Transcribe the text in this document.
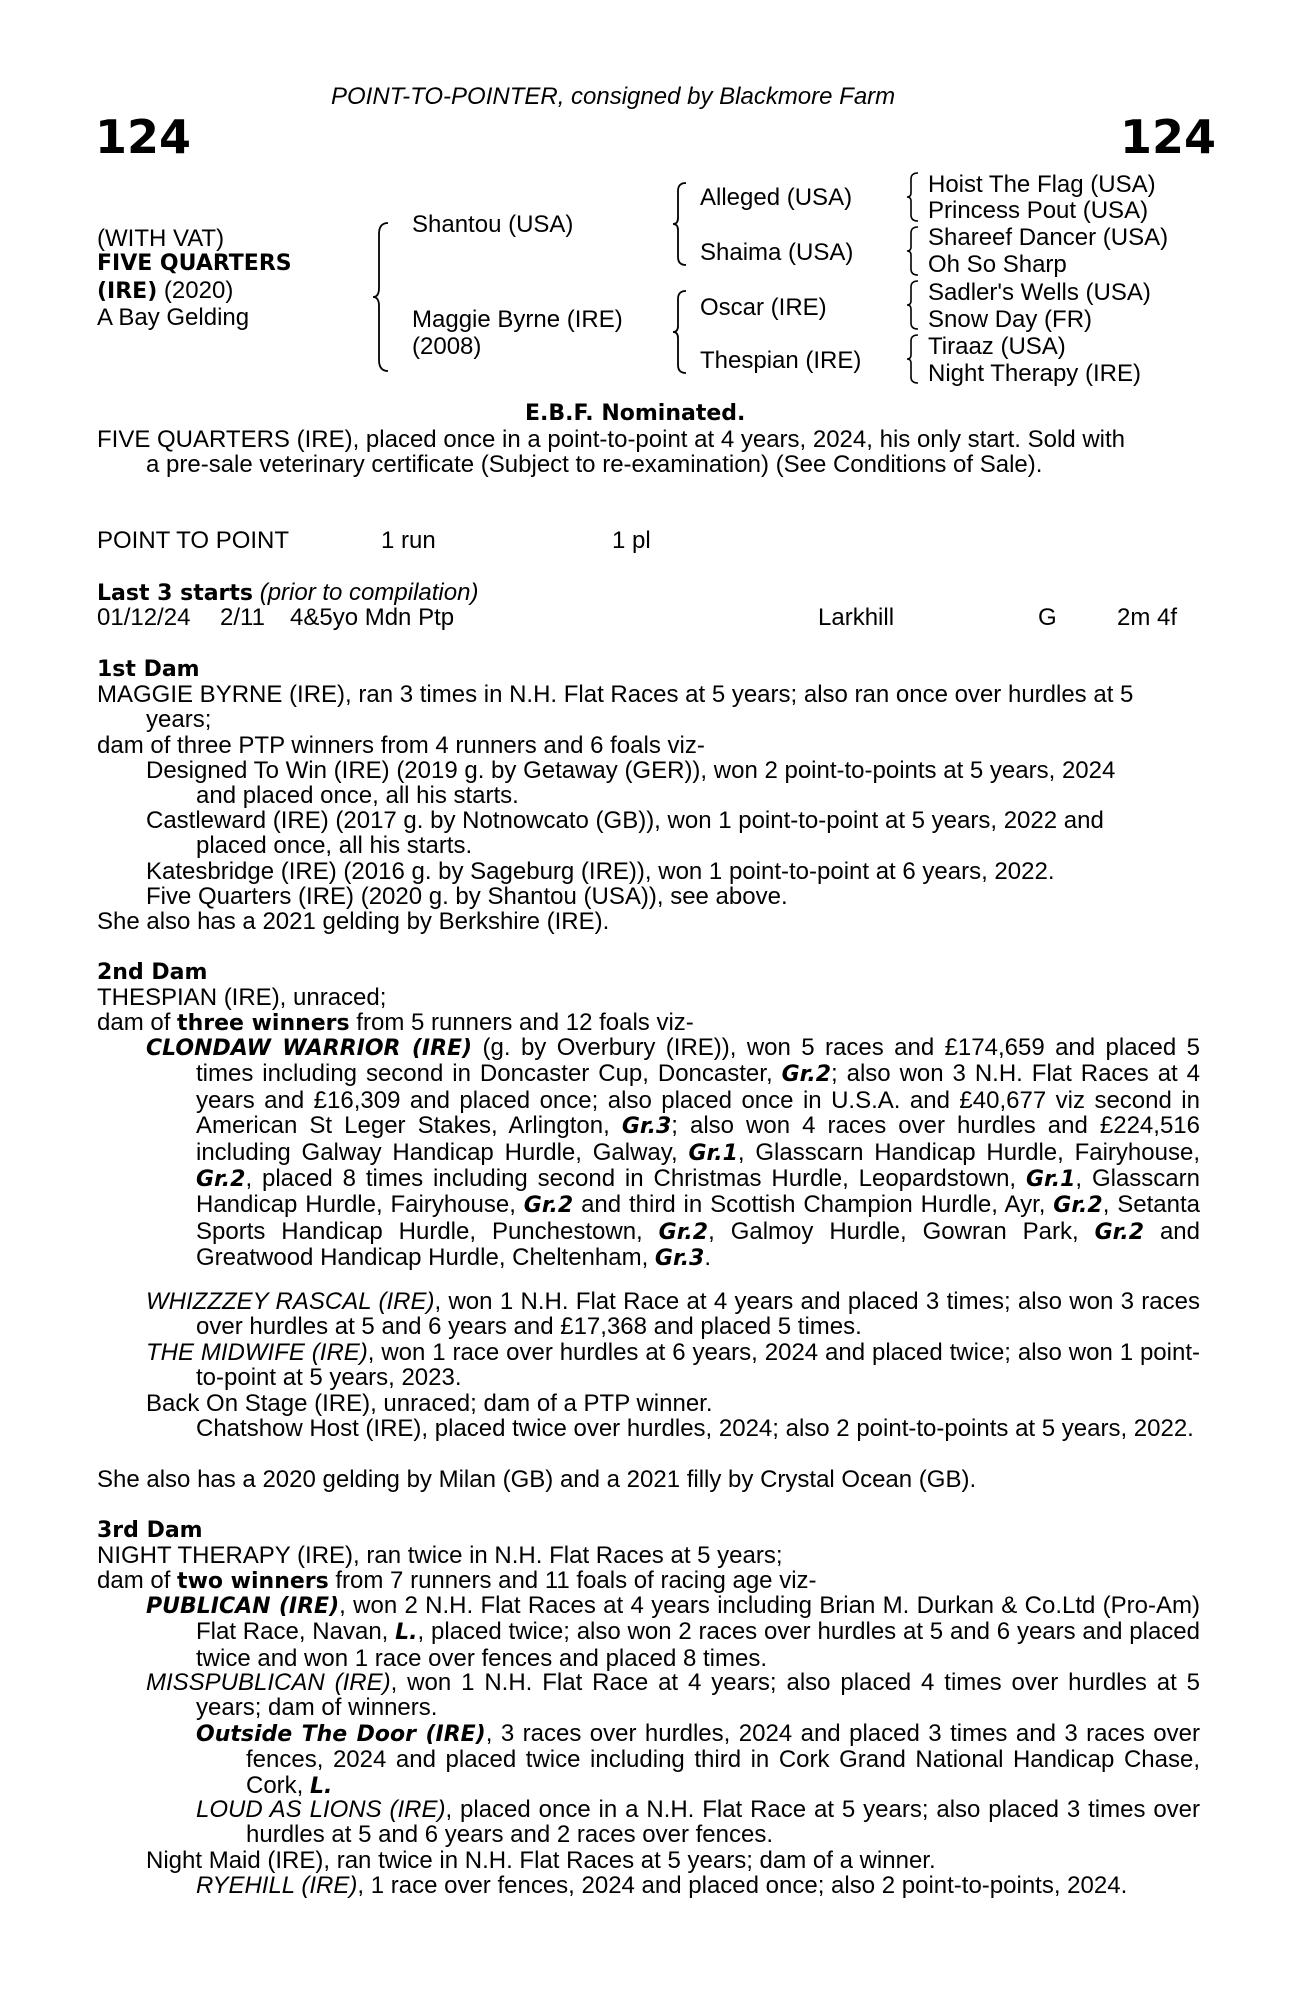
POINT-TO-POINTER, consigned by Blackmore Farm
124	124
(WITH VAT)
FIVE QUARTERS
(IRE) (2020)
A Bay Gelding
Shantou (USA)
Maggie Byrne (IRE)
(2008)
Alleged (USA)
Shaima (USA)
Oscar (IRE)
Thespian (IRE)
Hoist The Flag (USA)
Princess Pout (USA)
Shareef Dancer (USA)
Oh So Sharp
Sadler's Wells (USA)
Snow Day (FR)
Tiraaz (USA)
Night Therapy (IRE)
E.B.F. Nominated.
FIVE QUARTERS (IRE), placed once in a point-to-point at 4 years, 2024, his only start. Sold with
a pre-sale veterinary certificate (Subject to re-examination) (See Conditions of Sale).
POINT TO POINT	1 run	1 pl
Last 3 starts (prior to compilation)
01/12/24 2/11 4&5yo Mdn Ptp	Larkhill	G	2m 4f
1st Dam
MAGGIE BYRNE (IRE), ran 3 times in N.H. Flat Races at 5 years; also ran once over hurdles at 5
years;
dam of three PTP winners from 4 runners and 6 foals viz-
Designed To Win (IRE) (2019 g. by Getaway (GER)), won 2 point-to-points at 5 years, 2024
and placed once, all his starts.
Castleward (IRE) (2017 g. by Notnowcato (GB)), won 1 point-to-point at 5 years, 2022 and
placed once, all his starts.
Katesbridge (IRE) (2016 g. by Sageburg (IRE)), won 1 point-to-point at 6 years, 2022.
Five Quarters (IRE) (2020 g. by Shantou (USA)), see above.
She also has a 2021 gelding by Berkshire (IRE).
2nd Dam
THESPIAN (IRE), unraced;
dam of three winners from 5 runners and 12 foals viz-

CLONDAW WARRIOR (IRE) (g. by Overbury (IRE)), won 5 races and £174,659 and placed 5 times including second in Doncaster Cup, Doncaster, Gr.2; also won 3 N.H. Flat Races at 4 years and £16,309 and placed once; also placed once in U.S.A. and £40,677 viz second in American St Leger Stakes, Arlington, Gr.3; also won 4 races over hurdles and £224,516 including Galway Handicap Hurdle, Galway, Gr.1, Glasscarn Handicap Hurdle, Fairyhouse, Gr.2, placed 8 times including second in Christmas Hurdle, Leopardstown, Gr.1, Glasscarn Handicap Hurdle, Fairyhouse, Gr.2 and third in Scottish Champion Hurdle, Ayr, Gr.2, Setanta Sports Handicap Hurdle, Punchestown, Gr.2, Galmoy Hurdle, Gowran Park, Gr.2 and Greatwood Handicap Hurdle, Cheltenham, Gr.3.

WHIZZZEY RASCAL (IRE), won 1 N.H. Flat Race at 4 years and placed 3 times; also won 3 races over hurdles at 5 and 6 years and £17,368 and placed 5 times.

THE MIDWIFE (IRE), won 1 race over hurdles at 6 years, 2024 and placed twice; also won 1 point-to-point at 5 years, 2023.

Back On Stage (IRE), unraced; dam of a PTP winner.

Chatshow Host (IRE), placed twice over hurdles, 2024; also 2 point-to-points at 5 years, 2022.

She also has a 2020 gelding by Milan (GB) and a 2021 filly by Crystal Ocean (GB).
3rd Dam
NIGHT THERAPY (IRE), ran twice in N.H. Flat Races at 5 years;
dam of two winners from 7 runners and 11 foals of racing age viz-

PUBLICAN (IRE), won 2 N.H. Flat Races at 4 years including Brian M. Durkan & Co.Ltd (Pro-Am) Flat Race, Navan, L., placed twice; also won 2 races over hurdles at 5 and 6 years and placed twice and won 1 race over fences and placed 8 times.

MISSPUBLICAN (IRE), won 1 N.H. Flat Race at 4 years; also placed 4 times over hurdles at 5 years; dam of winners.

Outside The Door (IRE), 3 races over hurdles, 2024 and placed 3 times and 3 races over fences, 2024 and placed twice including third in Cork Grand National Handicap Chase, Cork, L.

LOUD AS LIONS (IRE), placed once in a N.H. Flat Race at 5 years; also placed 3 times over hurdles at 5 and 6 years and 2 races over fences.

Night Maid (IRE), ran twice in N.H. Flat Races at 5 years; dam of a winner.
RYEHILL (IRE), 1 race over fences, 2024 and placed once; also 2 point-to-points, 2024.
